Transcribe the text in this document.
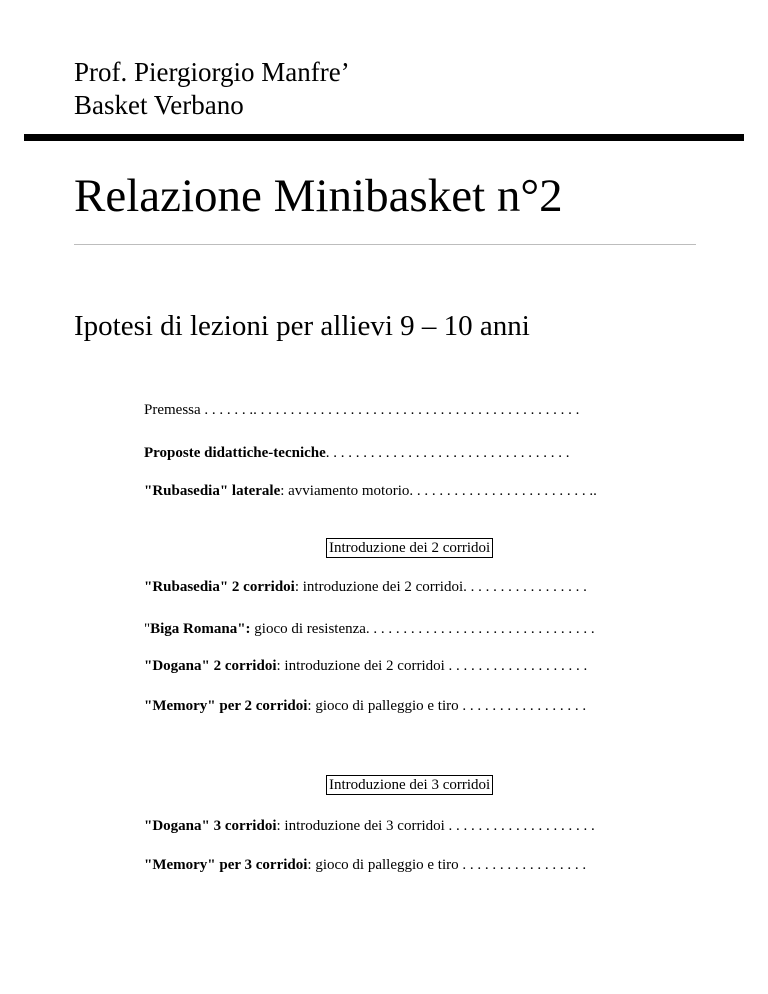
Prof. Piergiorgio Manfre’
Basket Verbano
Relazione Minibasket n°2
Ipotesi di lezioni per allievi 9 – 10 anni
Premessa . . . . . . .. . . . . . . . . . . . . . . . . . . . . . . . . . . . . . . . . . . . . . . . . . . .
Proposte didattiche-tecniche. . . . . . . . . . . . . . . . . . . . . . . . . . . . . . . . .
"Rubasedia" laterale: avviamento motorio. . . . . . . . . . . . . . . . . . . . . . . . ..
Introduzione dei 2 corridoi
"Rubasedia" 2 corridoi: introduzione dei 2 corridoi. . . . . . . . . . . . . . . . .
"Biga Romana": gioco di resistenza. . . . . . . . . . . . . . . . . . . . . . . . . . . . . . .
"Dogana" 2 corridoi: introduzione dei 2 corridoi . . . . . . . . . . . . . . . . . . .
"Memory" per 2 corridoi: gioco di palleggio e tiro . . . . . . . . . . . . . . . . .
Introduzione dei 3 corridoi
"Dogana" 3 corridoi: introduzione dei 3 corridoi . . . . . . . . . . . . . . . . . . . .
"Memory" per 3 corridoi: gioco di palleggio e tiro . . . . . . . . . . . . . . . . .
